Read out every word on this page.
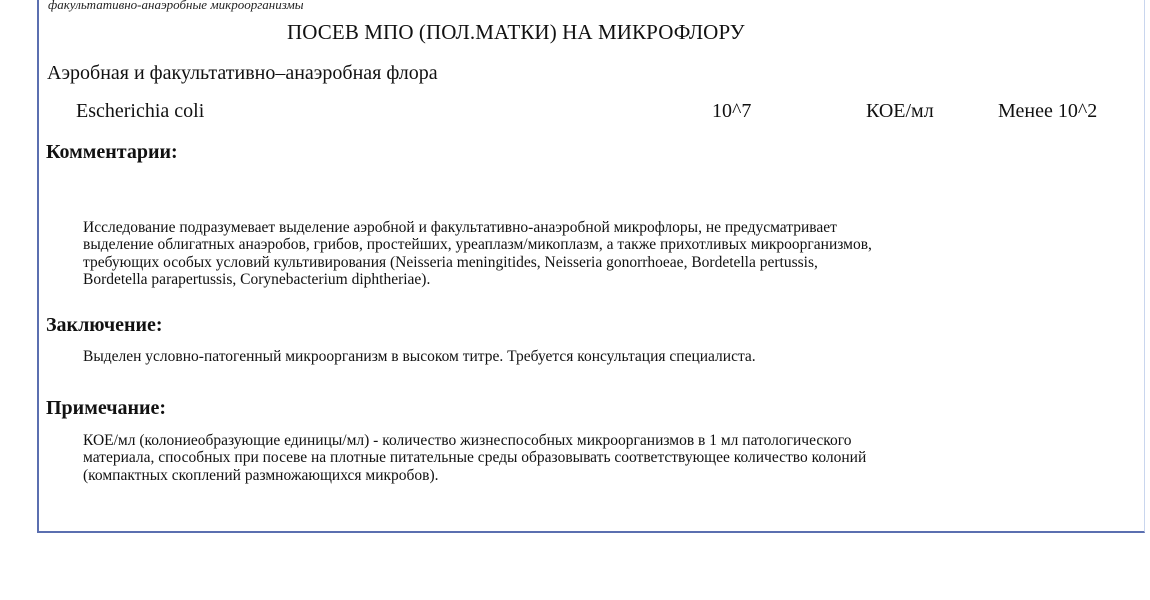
факультативно-анаэробные микроорганизмы
ПОСЕВ МПО (ПОЛ.МАТКИ) НА МИКРОФЛОРУ
Аэробная и факультативно–анаэробная флора
Escherichia coli	10^7	КОЕ/мл	Менее 10^2
Комментарии:
Исследование подразумевает выделение аэробной и факультативно-анаэробной микрофлоры, не предусматривает
выделение облигатных анаэробов, грибов, простейших, уреаплазм/микоплазм, а также прихотливых микроорганизмов,
требующих особых условий культивирования (Neisseria meningitides, Neisseria gonorrhoeae, Bordetella pertussis,
Bordetella parapertussis, Corynebacterium diphtheriae).
Заключение:
Выделен условно-патогенный микроорганизм в высоком титре. Требуется консультация специалиста.
Примечание:
КОЕ/мл (колониеобразующие единицы/мл) - количество жизнеспособных микроорганизмов в 1 мл патологического
материала, способных при посеве на плотные питательные среды образовывать соответствующее количество колоний
(компактных скоплений размножающихся микробов).
